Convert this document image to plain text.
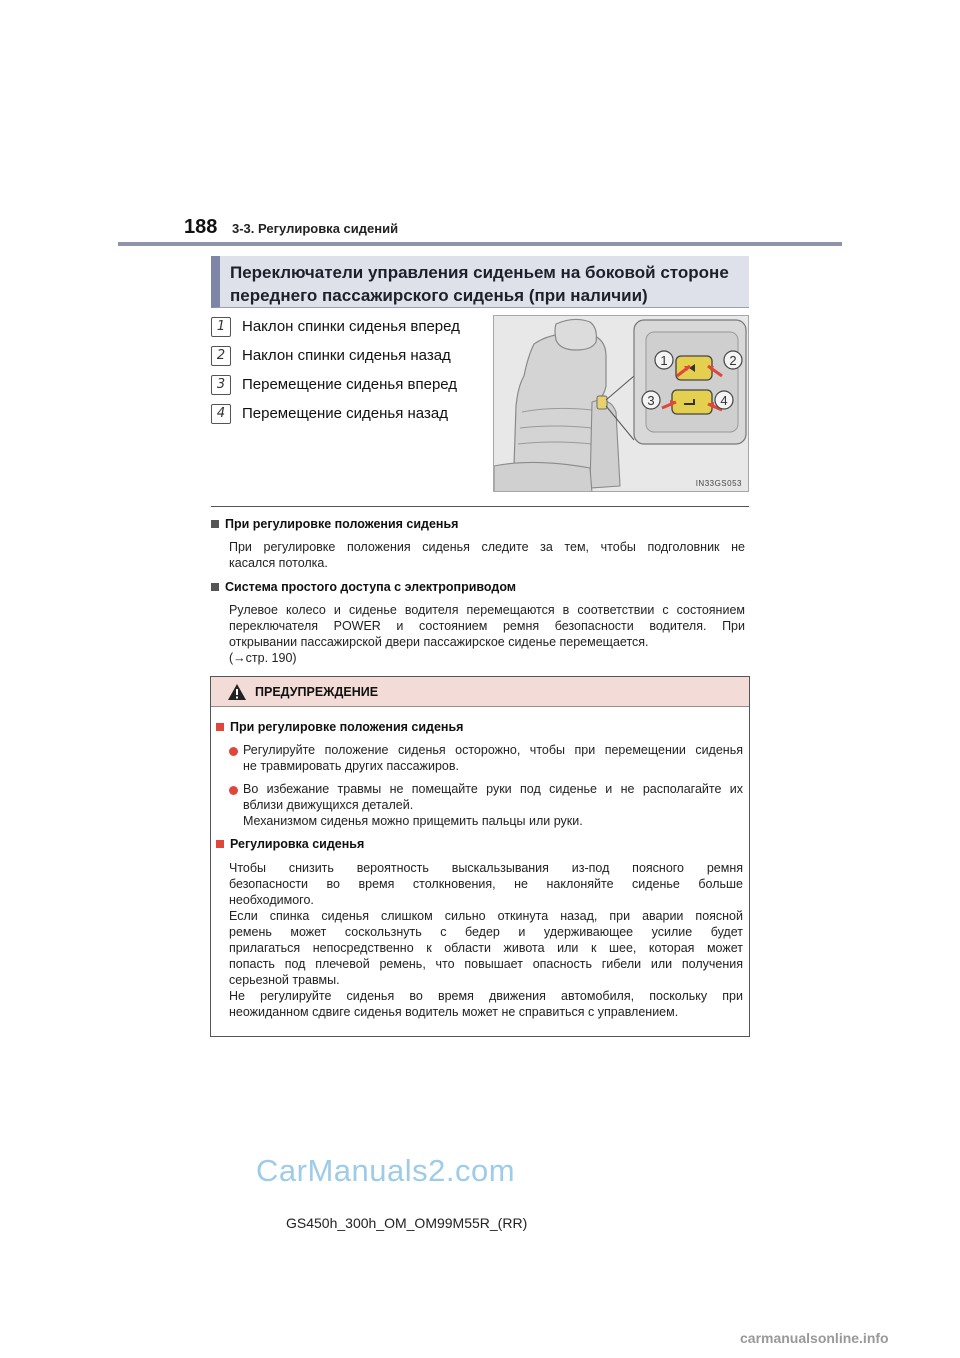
188 3-3. Регулировка сидений
Переключатели управления сиденьем на боковой стороне
переднего пассажирского сиденья (при наличии)
1	Наклон спинки сиденья вперед
2	Наклон спинки сиденья назад
3	Перемещение сиденья вперед
4	Перемещение сиденья назад
1	2
3	4
IN33GS053
При регулировке положения сиденья
При регулировке положения сиденья следите за тем, чтобы подголовник не
касался потолка.
Система простого доступа с электроприводом
Рулевое колесо и сиденье водителя перемещаются в соответствии с состоянием
переключателя POWER и состоянием ремня безопасности водителя. При
открывании пассажирской двери пассажирское сиденье перемещается.
(→стр. 190)
ПРЕДУПРЕЖДЕНИЕ
При регулировке положения сиденья
Регулируйте положение сиденья осторожно, чтобы при перемещении сиденья
не травмировать других пассажиров.
Во избежание травмы не помещайте руки под сиденье и не располагайте их
вблизи движущихся деталей.
Механизмом сиденья можно прищемить пальцы или руки.
Регулировка сиденья
Чтобы снизить вероятность выскальзывания из-под поясного ремня
безопасности во время столкновения, не наклоняйте сиденье больше
необходимого.
Если спинка сиденья слишком сильно откинута назад, при аварии поясной
ремень может соскользнуть с бедер и удерживающее усилие будет
прилагаться непосредственно к области живота или к шее, которая может
попасть под плечевой ремень, что повышает опасность гибели или получения
серьезной травмы.
Не регулируйте сиденья во время движения автомобиля, поскольку при
неожиданном сдвиге сиденья водитель может не справиться с управлением.
CarManuals2.com
GS450h_300h_OM_OM99M55R_(RR)
carmanualsonline.info
